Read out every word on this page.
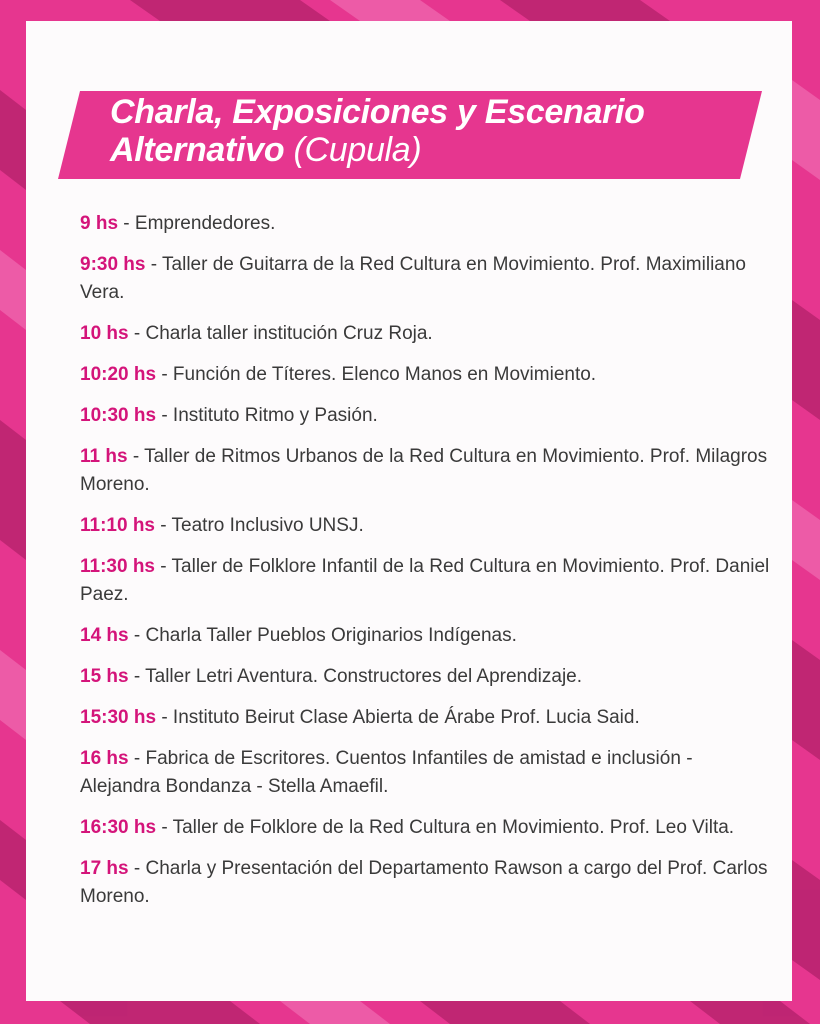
Charla, Exposiciones y Escenario Alternativo (Cupula)
9 hs - Emprendedores.
9:30 hs - Taller de Guitarra de la Red Cultura en Movimiento. Prof. Maximiliano Vera.
10 hs - Charla taller institución Cruz Roja.
10:20 hs - Función de Títeres. Elenco Manos en Movimiento.
10:30 hs - Instituto Ritmo y Pasión.
11 hs - Taller de Ritmos Urbanos de la Red Cultura en Movimiento. Prof. Milagros Moreno.
11:10 hs - Teatro Inclusivo UNSJ.
11:30 hs - Taller de Folklore Infantil de la Red Cultura en Movimiento. Prof. Daniel Paez.
14 hs - Charla Taller Pueblos Originarios Indígenas.
15 hs - Taller Letri Aventura. Constructores del Aprendizaje.
15:30 hs - Instituto Beirut Clase Abierta de Árabe Prof. Lucia Said.
16 hs - Fabrica de Escritores. Cuentos Infantiles de amistad e inclusión - Alejandra Bondanza - Stella Amaefil.
16:30 hs - Taller de Folklore de la Red Cultura en Movimiento. Prof. Leo Vilta.
17 hs - Charla y Presentación del Departamento Rawson a cargo del Prof. Carlos Moreno.
